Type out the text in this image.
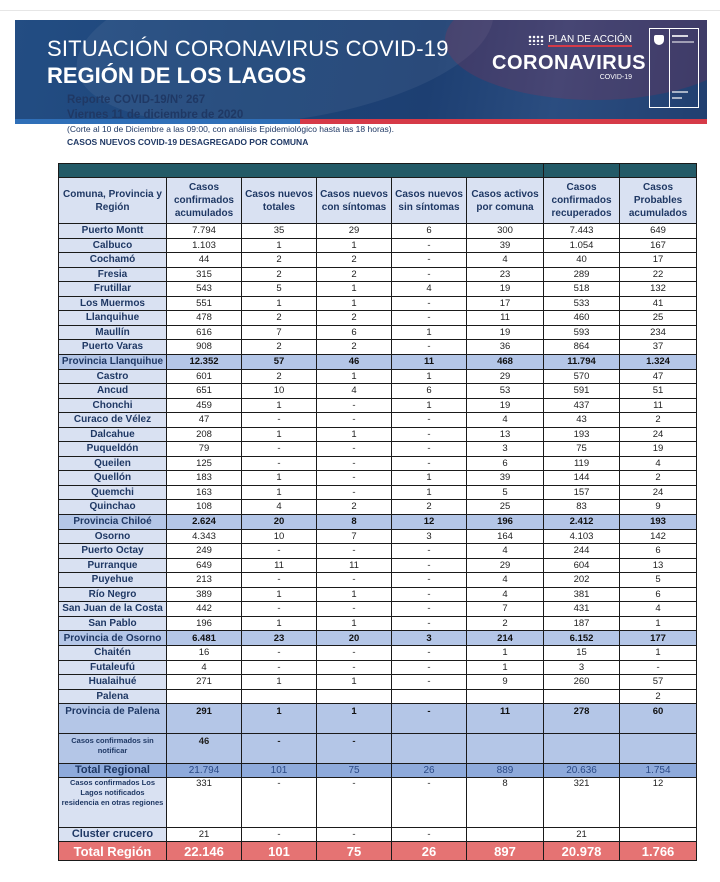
SITUACIÓN CORONAVIRUS COVID-19
REGIÓN DE LOS LAGOS
PLAN DE ACCIÓN
CORONAVIRUS
COVID-19
Reporte COVID-19/N° 267
Viernes 11 de diciembre de 2020
(Corte al 10 de Diciembre a las 09:00, con análisis Epidemiológico hasta las 18 horas).
CASOS NUEVOS COVID-19 DESAGREGADO POR COMUNA

Comuna, Provincia y Región	Casos confirmados acumulados	Casos nuevos totales	Casos nuevos con síntomas	Casos nuevos sin síntomas	Casos activos por comuna	Casos confirmados recuperados	Casos Probables acumulados
Puerto Montt	7.794	35	29	6	300	7.443	649
Calbuco	1.103	1	1	-	39	1.054	167
Cochamó	44	2	2	-	4	40	17
Fresia	315	2	2	-	23	289	22
Frutillar	543	5	1	4	19	518	132
Los Muermos	551	1	1	-	17	533	41
Llanquihue	478	2	2	-	11	460	25
Maullín	616	7	6	1	19	593	234
Puerto Varas	908	2	2	-	36	864	37
Provincia Llanquihue	12.352	57	46	11	468	11.794	1.324
Castro	601	2	1	1	29	570	47
Ancud	651	10	4	6	53	591	51
Chonchi	459	1	-	1	19	437	11
Curaco de Vélez	47	-	-	-	4	43	2
Dalcahue	208	1	1	-	13	193	24
Puqueldón	79	-	-	-	3	75	19
Queilen	125	-	-	-	6	119	4
Quellón	183	1	-	1	39	144	2
Quemchi	163	1	-	1	5	157	24
Quinchao	108	4	2	2	25	83	9
Provincia Chiloé	2.624	20	8	12	196	2.412	193
Osorno	4.343	10	7	3	164	4.103	142
Puerto Octay	249	-	-	-	4	244	6
Purranque	649	11	11	-	29	604	13
Puyehue	213	-	-	-	4	202	5
Río Negro	389	1	1	-	4	381	6
San Juan de la Costa	442	-	-	-	7	431	4
San Pablo	196	1	1	-	2	187	1
Provincia de Osorno	6.481	23	20	3	214	6.152	177
Chaitén	16	-	-	-	1	15	1
Futaleufú	4	-	-	-	1	3	-
Hualaihué	271	1	1	-	9	260	57
Palena							2
Provincia de Palena	291	1	1	-	11	278	60
Casos confirmados sin notificar	46	-	-				
Total Regional	21.794	101	75	26	889	20.636	1.754
Casos confirmados Los Lagos notificados residencia en otras regiones	331	-	-	-	8	321	12
Cluster crucero	21	-	-	-		21	
Total Región	22.146	101	75	26	897	20.978	1.766
